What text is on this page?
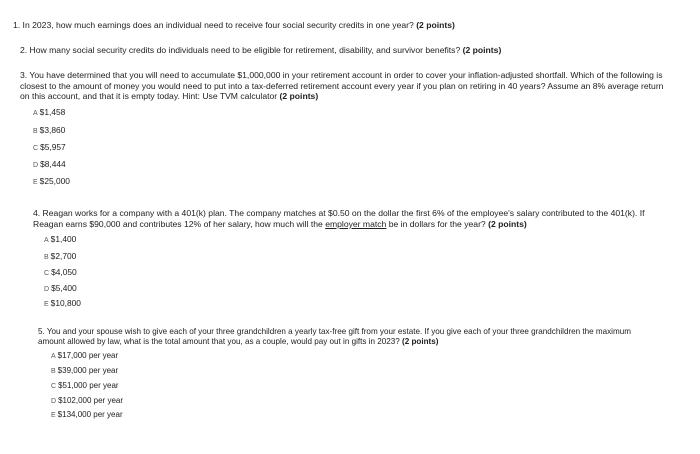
1. In 2023, how much earnings does an individual need to receive four social security credits in one year? (2 points)
2. How many social security credits do individuals need to be eligible for retirement, disability, and survivor benefits? (2 points)
3. You have determined that you will need to accumulate $1,000,000 in your retirement account in order to cover your inflation-adjusted shortfall. Which of the following is
closest to the amount of money you would need to put into a tax-deferred retirement account every year if you plan on retiring in 40 years? Assume an 8% average return
on this account, and that it is empty today. Hint: Use TVM calculator (2 points)
A $1,458
B $3,860
C $5,957
D $8,444
E $25,000
4. Reagan works for a company with a 401(k) plan. The company matches at $0.50 on the dollar the first 6% of the employee's salary contributed to the 401(k). If
Reagan earns $90,000 and contributes 12% of her salary, how much will the employer match be in dollars for the year? (2 points)
A $1,400
B $2,700
C $4,050
D $5,400
E $10,800
5. You and your spouse wish to give each of your three grandchildren a yearly tax-free gift from your estate. If you give each of your three grandchildren the maximum
amount allowed by law, what is the total amount that you, as a couple, would pay out in gifts in 2023? (2 points)
A $17,000 per year
B $39,000 per year
C $51,000 per year
D $102,000 per year
E $134,000 per year
